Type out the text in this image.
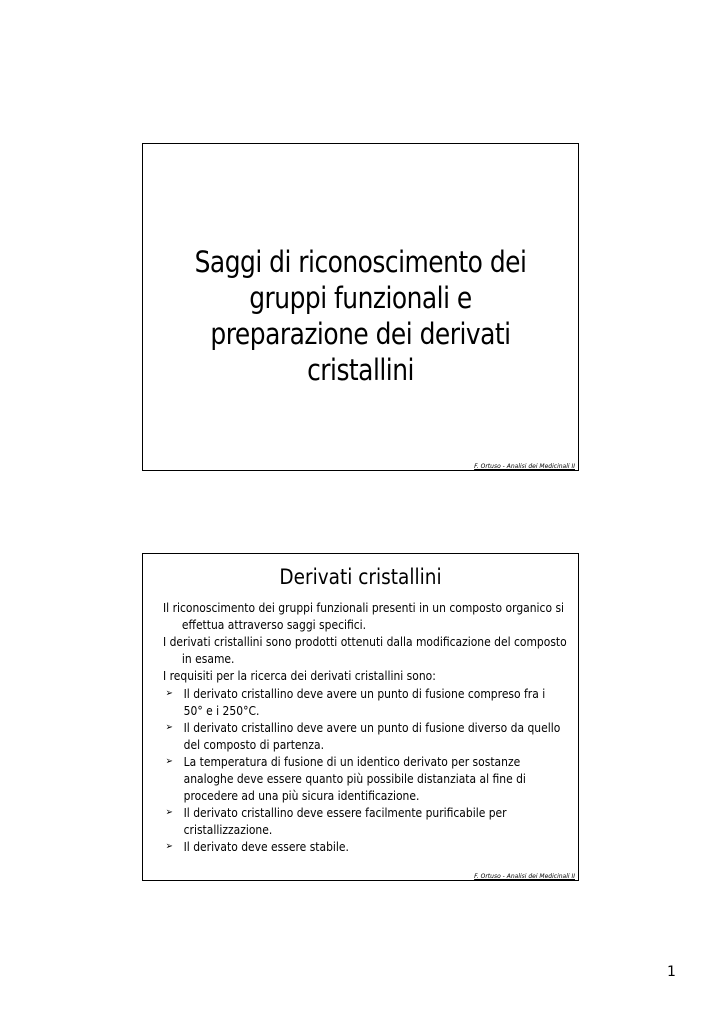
Saggi di riconoscimento dei gruppi funzionali e preparazione dei derivati cristallini
F. Ortuso - Analisi dei Medicinali II
Derivati cristallini
Il riconoscimento dei gruppi funzionali presenti in un composto organico si effettua attraverso saggi specifici.
I derivati cristallini sono prodotti ottenuti dalla modificazione del composto in esame.
I requisiti per la ricerca dei derivati cristallini sono:
➢ Il derivato cristallino deve avere un punto di fusione compreso fra i 50° e i 250°C.
➢ Il derivato cristallino deve avere un punto di fusione diverso da quello del composto di partenza.
➢ La temperatura di fusione di un identico derivato per sostanze analoghe deve essere quanto più possibile distanziata al fine di procedere ad una più sicura identificazione.
➢ Il derivato cristallino deve essere facilmente purificabile per cristallizzazione.
➢ Il derivato deve essere stabile.
F. Ortuso - Analisi dei Medicinali II
1
